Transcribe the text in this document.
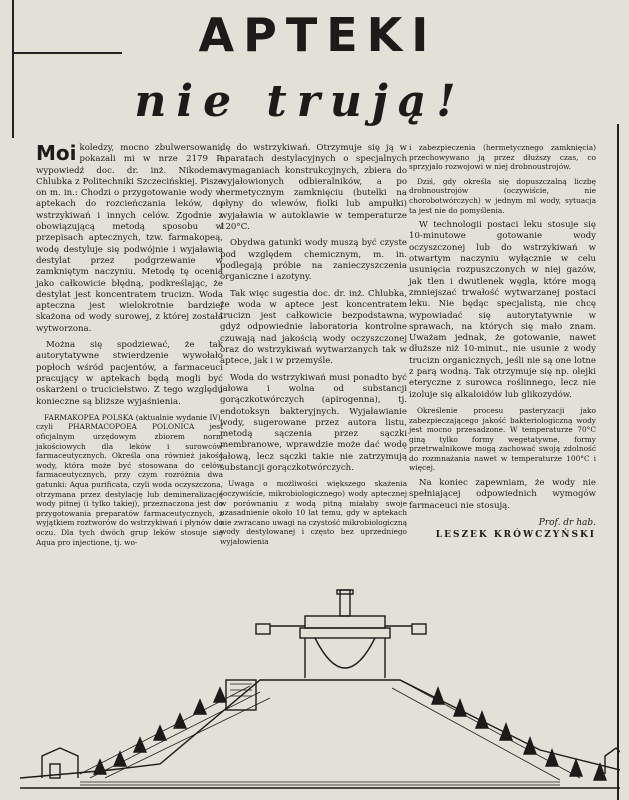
APTEKI
nie trują!

Moi koledzy, mocno zbulwersowani, pokazali mi w nrze 2179 P. wypowiedź doc. dr. inż. Nikodema Chlubka z Politechniki Szczecińskiej. Pisze on m. in.: Chodzi o przygotowanie wody w aptekach do rozcieńczania leków, do wstrzykiwań i innych celów. Zgodnie z obowiązującą metodą sposobu w przepisach aptecznych, tzw. farmakopeą, wodę destyluje się podwójnie i wyjaławia destylat przez podgrzewanie w zamkniętym naczyniu. Metodę tę ocenia jako całkowicie błędną, podkreślając, że destylat jest koncentratem trucizn. Woda apteczna jest wielokrotnie bardziej skażona od wody surowej, z której została wytworzona.

Można się spodziewać, że tak autorytatywne stwierdzenie wywołało popłoch wśród pacjentów, a farmaceuci pracujący w aptekach będą mogli być oskarżeni o truciciełstwo. Z tego względu konieczne są bliższe wyjaśnienia.

FARMAKOPEA POLSKA (aktualnie wydanie IV), czyli PHARMACOPOEA POLONICA jest oficjalnym urzędowym zbiorem norm jakościowych dla leków i surowców farmaceutycznych. Określa ona również jakość wody, która może być stosowana do celów farmaceutycznych, przy czym rozróżnia dwa gatunki: Aqua purificata, czyli woda oczyszczona, otrzymana przez destylację lub demineralizację wody pitnej (i tylko takiej), przeznaczona jest do przygotowania preparatów farmaceutycznych, z wyjątkiem roztworów do wstrzykiwań i płynów do oczu. Dla tych dwóch grup leków stosuje się Aqua pro injectione, tj. wo-

dę do wstrzykiwań. Otrzymuje się ją w aparatach destylacyjnych o specjalnych wymaganiach konstrukcyjnych, zbiera do wyjałowionych odbieralników, a po hermetycznym zamknięciu (butelki na płyny do wlewów, fiolki lub ampułki) wyjaławia w autoklawie w temperaturze 120°C.

Obydwa gatunki wody muszą być czyste pod względem chemicznym, m. in. podlegają próbie na zanieczyszczenia organiczne i azotyny.

Tak więc sugestia doc. dr. inż. Chlubka, że woda w aptece jest koncentratem trucizn jest całkowicie bezpodstawna, gdyż odpowiednie laboratoria kontrolne czuwają nad jakością wody oczyszczonej oraz do wstrzykiwań wytwarzanych tak w aptece, jak i w przemyśle.

Woda do wstrzykiwań musi ponadto być jałowa i wolna od substancji gorączkotwórczych (apirogenna), tj. endotoksyn bakteryjnych. Wyjaławianie wody, sugerowane przez autora listu, metodą sączenia przez sączki membranowe, wprawdzie może dać wodę jałową, lecz sączki takie nie zatrzymują substancji gorączkotwórczych.

Uwaga o możliwości większego skażenia (oczywiście, mikrobiologicznego) wody aptecznej w porównaniu z wodą pitną miałaby swoje uzasadnienie około 10 lat temu, gdy w aptekach nie zwracano uwagi na czystość mikrobiologiczną wody destylowanej i często bez uprzedniego wyjałowienia

i zabezpieczenia (hermetycznego zamknięcia) przechowywano ją przez dłuższy czas, co sprzyjało rozwojowi w niej drobnoustrojów.

Dziś, gdy określa się dopuszczalną liczbę drobnoustrojów (oczywiście, nie chorobotwórczych) w jednym ml wody, sytuacja ta jest nie do pomyślenia.

W technologii postaci leku stosuje się 10-minutowe gotowanie wody oczyszczonej lub do wstrzykiwań w otwartym naczyniu wyłącznie w celu usunięcia rozpuszczonych w niej gazów, jak tlen i dwutlenek węgla, które mogą zmniejszać trwałość wytwarzanej postaci leku. Nie będąc specjalistą, nie chcę wypowiadać się autorytatywnie w sprawach, na których się mało znam. Uważam jednak, że gotowanie, nawet dłuższe niż 10-minut., nie usunie z wody trucizn organicznych, jeśli nie są one lotne z parą wodną. Tak otrzymuje się np. olejki eteryczne z surowca roślinnego, lecz nie izoluje się alkaloidów lub glikozydów.

Określenie procesu pasteryzacji jako zabezpieczającego jakość bakteriologiczną wody jest mocno przesadzone. W temperaturze 70°C giną tylko formy wegetatywne, formy przetrwalnikowe mogą zachować swoją zdolność do rozmnażania nawet w temperaturze 100°C i więcej.

Na koniec zapewniam, że wody nie spełniającej odpowiednich wymogów farmaceuci nie stosują.

Prof. dr hab.
LESZEK KRÓWCZYŃSKI
